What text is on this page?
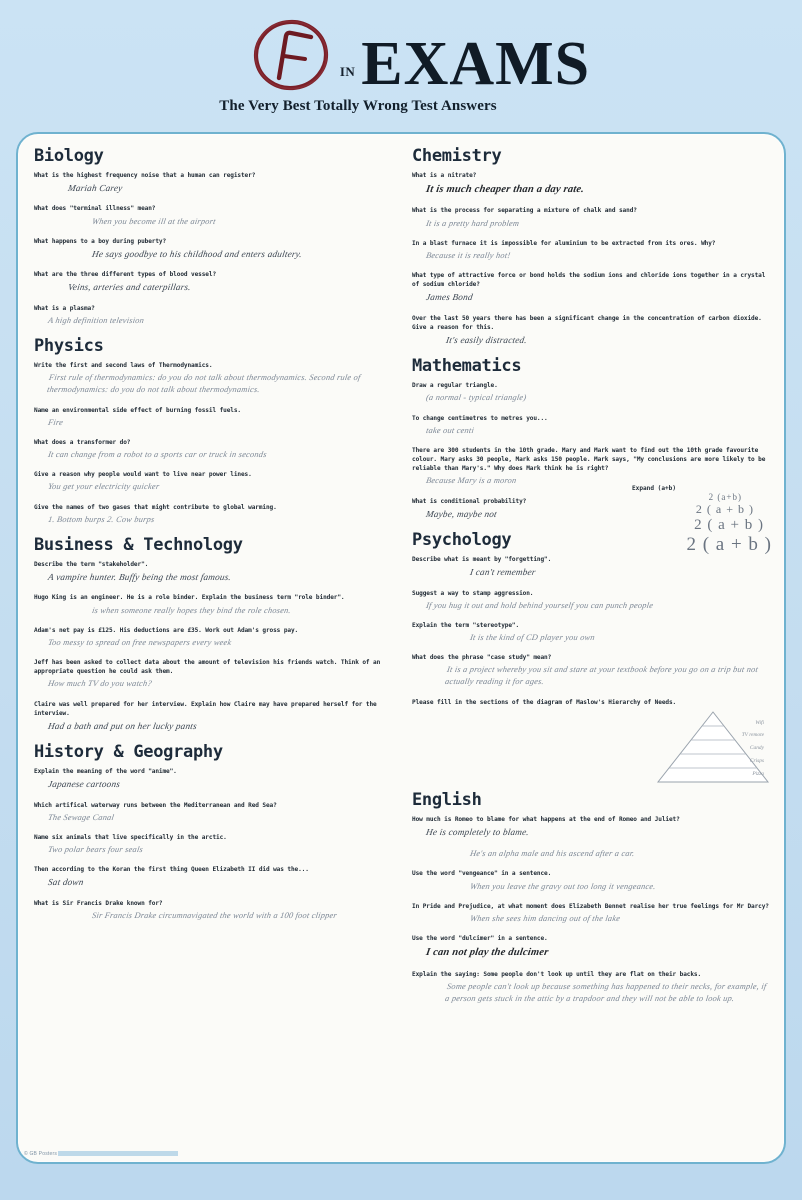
in EXAMS
The Very Best Totally Wrong Test Answers
Biology
What is the highest frequency noise that a human can register?
Mariah Carey
What does "terminal illness" mean?
When you become ill at the airport
What happens to a boy during puberty?
He says goodbye to his childhood and enters adultery.
What are the three different types of blood vessel?
Veins, arteries and caterpillars.
What is a plasma?
A high definition television
Physics
Write the first and second laws of Thermodynamics.
First rule of thermodynamics: do you do not talk about thermodynamics. Second rule of thermodynamics: do you do not talk about thermodynamics.
Name an environmental side effect of burning fossil fuels.
Fire
What does a transformer do?
It can change from a robot to a sports car or truck in seconds
Give a reason why people would want to live near power lines.
You get your electricity quicker
Give the names of two gases that might contribute to global warming.
1. Bottom burps 2. Cow burps
Business & Technology
Describe the term "stakeholder".
A vampire hunter. Buffy being the most famous.
Hugo King is an engineer. He is a role binder. Explain the business term "role binder".
is when someone really hopes they bind the role chosen.
Adam's net pay is £125. His deductions are £35. Work out Adam's gross pay.
Too messy to spread on free newspapers every week
Jeff has been asked to collect data about the amount of television his friends watch. Think of an appropriate question he could ask them.
How much TV do you watch?
Claire was well prepared for her interview. Explain how Claire may have prepared herself for the interview.
Had a bath and put on her lucky pants
History & Geography
Explain the meaning of the word "anime".
Japanese cartoons
Which artifical waterway runs between the Mediterranean and Red Sea?
The Sewage Canal
Name six animals that live specifically in the arctic.
Two polar bears four seals
Then according to the Koran the first thing Queen Elizabeth II did was the...
Sat down
What is Sir Francis Drake known for?
Sir Francis Drake circumnavigated the world with a 100 foot clipper
Chemistry
What is a nitrate?
It is much cheaper than a day rate.
What is the process for separating a mixture of chalk and sand?
It is a pretty hard problem
In a blast furnace it is impossible for aluminium to be extracted from its ores. Why?
Because it is really hot!
What type of attractive force or bond holds the sodium ions and chloride ions together in a crystal of sodium chloride?
James Bond
Over the last 50 years there has been a significant change in the concentration of carbon dioxide. Give a reason for this.
It's easily distracted.
Mathematics
Draw a regular triangle.
(a normal - typical triangle)
To change centimetres to metres you...
take out centi
There are 300 students in the 10th grade. Mary and Mark want to find out the 10th grade favourite colour. Mary asks 30 people, Mark asks 150 people. Mark says, "My conclusions are more likely to be reliable than Mary's." Why does Mark think he is right?
Because Mary is a moron
What is conditional probability?
Maybe, maybe not
Expand (a+b)
2 (a+b)
2 ( a + b )
2 ( a + b )
2 ( a + b )
Psychology
Describe what is meant by "forgetting".
I can't remember
Suggest a way to stamp aggression.
If you hug it out and hold behind yourself you can punch people
Explain the term "stereotype".
It is the kind of CD player you own
What does the phrase "case study" mean?
It is a project whereby you sit and stare at your textbook before you go on a trip but not actually reading it for ages.
Please fill in the sections of the diagram of Maslow's Hierarchy of Needs.
Wifi
TV remote
Candy
Crisps
Pizza
English
How much is Romeo to blame for what happens at the end of Romeo and Juliet?
He is completely to blame.
He's an alpha male and his ascend after a car.
Use the word "vengeance" in a sentence.
When you leave the gravy out too long it vengeance.
In Pride and Prejudice, at what moment does Elizabeth Bennet realise her true feelings for Mr Darcy?
When she sees him dancing out of the lake
Use the word "dulcimer" in a sentence.
I can not play the dulcimer
Explain the saying: Some people don't look up until they are flat on their backs.
Some people can't look up because something has happened to their necks, for example, if a person gets stuck in the attic by a trapdoor and they will not be able to look up.
© GB Posters
